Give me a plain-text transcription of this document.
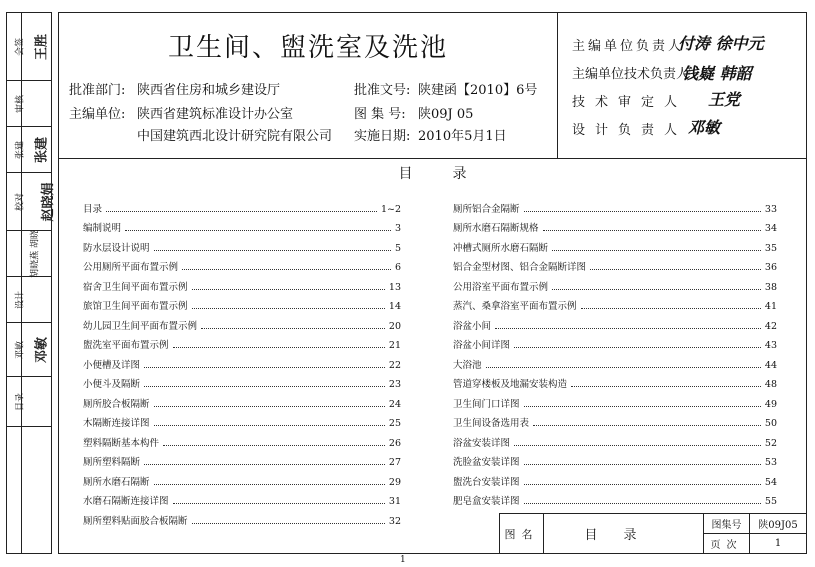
会签 王胜
审核
张建 张建
校对	赵晓娟
胡晓燕 胡晓
设计
邓敏 邓敏
目录
卫生间、盥洗室及洗池
批准部门: 陕西省住房和城乡建设厅
主编单位: 陕西省建筑标准设计办公室
中国建筑西北设计研究院有限公司
批准文号: 陕建函【2010】6号
图 集 号: 陕09J 05
实施日期: 2010年5月1日
主编单位负责人
付涛 徐中元
主编单位技术负责人
钱嶷 韩韶
技术审定人 王党
设计负责人 邓敏
目录
目录	1~2
编制说明	3
防水层设计说明	5
公用厕所平面布置示例	6
宿舍卫生间平面布置示例	13
旅馆卫生间平面布置示例	14
幼儿园卫生间平面布置示例	20
盥洗室平面布置示例	21
小便槽及详图	22
小便斗及隔断	23
厕所胶合板隔断	24
木隔断连接详图	25
塑料隔断基本构件	26
厕所塑料隔断	27
厕所水磨石隔断	29
水磨石隔断连接详图	31
厕所塑料贴面胶合板隔断	32
厕所铝合金隔断	33
厕所水磨石隔断规格	34
冲槽式厕所水磨石隔断	35
铝合金型材图、铝合金隔断详图	36
公用浴室平面布置示例	38
蒸汽、桑拿浴室平面布置示例	41
浴盆小间	42
浴盆小间详图	43
大浴池	44
管道穿楼板及地漏安装构造	48
卫生间门口详图	49
卫生间设备选用表	50
浴盆安装详图	52
洗脸盆安装详图	53
盥洗台安装详图	54
肥皂盒安装详图	55
图名	目录
图集号	陕09J05
页次	1
1
